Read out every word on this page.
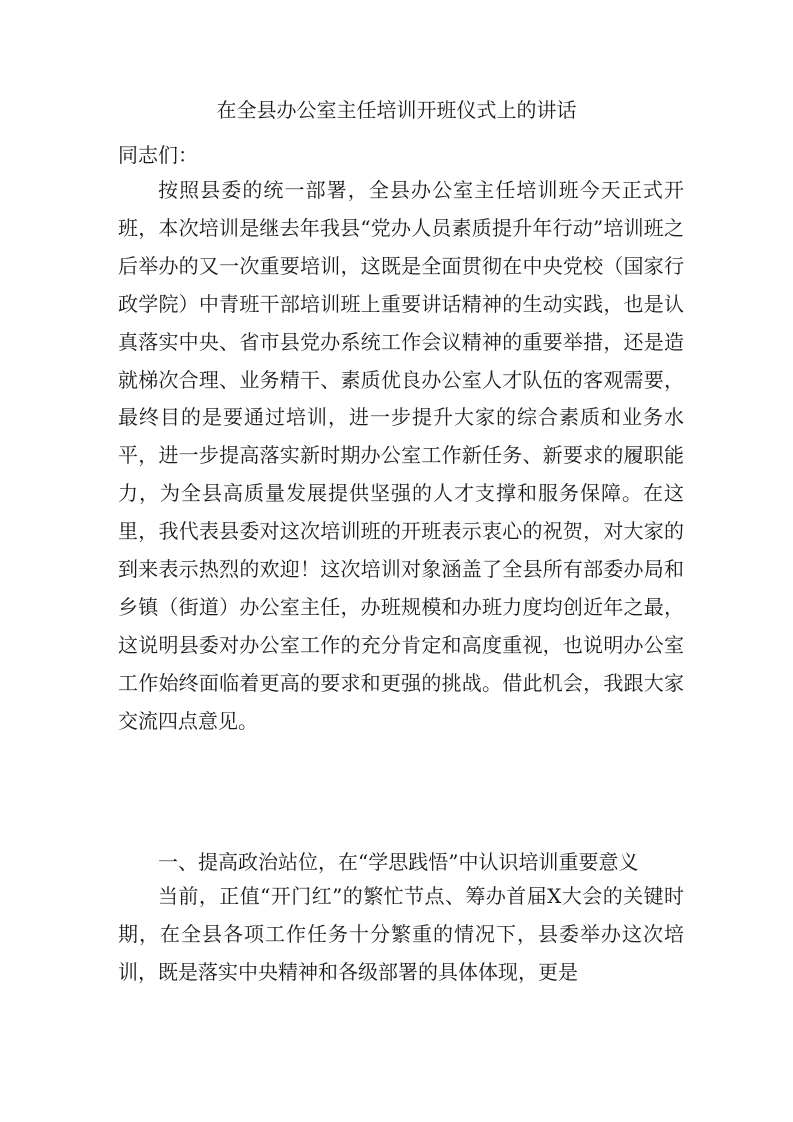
在全县办公室主任培训开班仪式上的讲话
同志们：

按照县委的统一部署，全县办公室主任培训班今天正式开班，本次培训是继去年我县“党办人员素质提升年行动”培训班之后举办的又一次重要培训，这既是全面贯彻在中央党校（国家行政学院）中青班干部培训班上重要讲话精神的生动实践，也是认真落实中央、省市县党办系统工作会议精神的重要举措，还是造就梯次合理、业务精干、素质优良办公室人才队伍的客观需要，最终目的是要通过培训，进一步提升大家的综合素质和业务水平，进一步提高落实新时期办公室工作新任务、新要求的履职能力，为全县高质量发展提供坚强的人才支撑和服务保障。在这里，我代表县委对这次培训班的开班表示衷心的祝贺，对大家的到来表示热烈的欢迎！这次培训对象涵盖了全县所有部委办局和乡镇（街道）办公室主任，办班规模和办班力度均创近年之最，这说明县委对办公室工作的充分肯定和高度重视，也说明办公室工作始终面临着更高的要求和更强的挑战。借此机会，我跟大家交流四点意见。

一、提高政治站位，在“学思践悟”中认识培训重要意义

当前，正值“开门红”的繁忙节点、筹办首届X大会的关键时期，在全县各项工作任务十分繁重的情况下，县委举办这次培训，既是落实中央精神和各级部署的具体体现，更是
